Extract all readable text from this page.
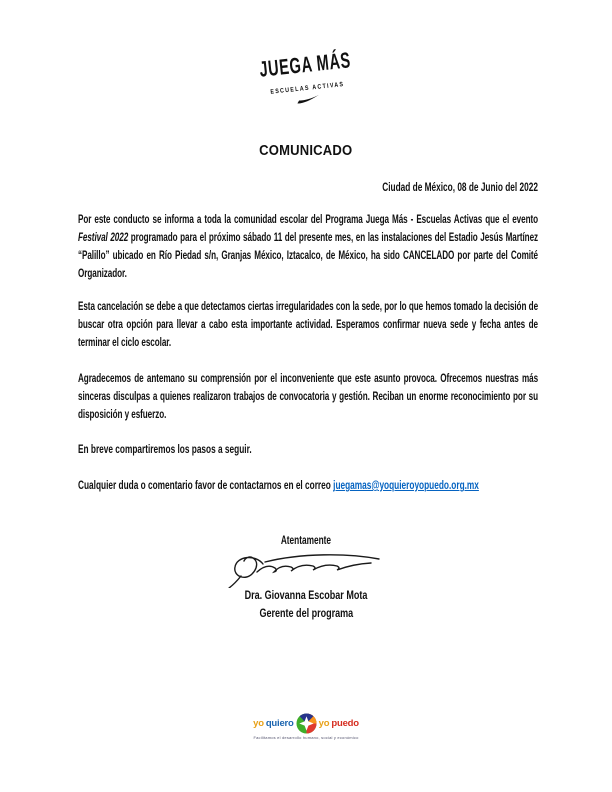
JUEGA MÁS
ESCUELAS ACTIVAS
COMUNICADO
Ciudad de México, 08 de Junio del 2022

Por este conducto se informa a toda la comunidad escolar del Programa Juega Más - Escuelas Activas que el evento Festival 2022 programado para el próximo sábado 11 del presente mes, en las instalaciones del Estadio Jesús Martínez “Palillo” ubicado en Río Piedad s/n, Granjas México, Iztacalco, de México, ha sido CANCELADO por parte del Comité Organizador.

Esta cancelación se debe a que detectamos ciertas irregularidades con la sede, por lo que hemos tomado la decisión de buscar otra opción para llevar a cabo esta importante actividad. Esperamos confirmar nueva sede y fecha antes de terminar el ciclo escolar.

Agradecemos de antemano su comprensión por el inconveniente que este asunto provoca. Ofrecemos nuestras más sinceras disculpas a quienes realizaron trabajos de convocatoria y gestión. Reciban un enorme reconocimiento por su disposición y esfuerzo.

En breve compartiremos los pasos a seguir.
Cualquier duda o comentario favor de contactarnos en el correo juegamas@yoquieroyopuedo.org.mx
Atentamente
Dra. Giovanna Escobar Mota
Gerente del programa
yo quiero	yo puedo
Facilitamos el desarrollo humano, social y económico
